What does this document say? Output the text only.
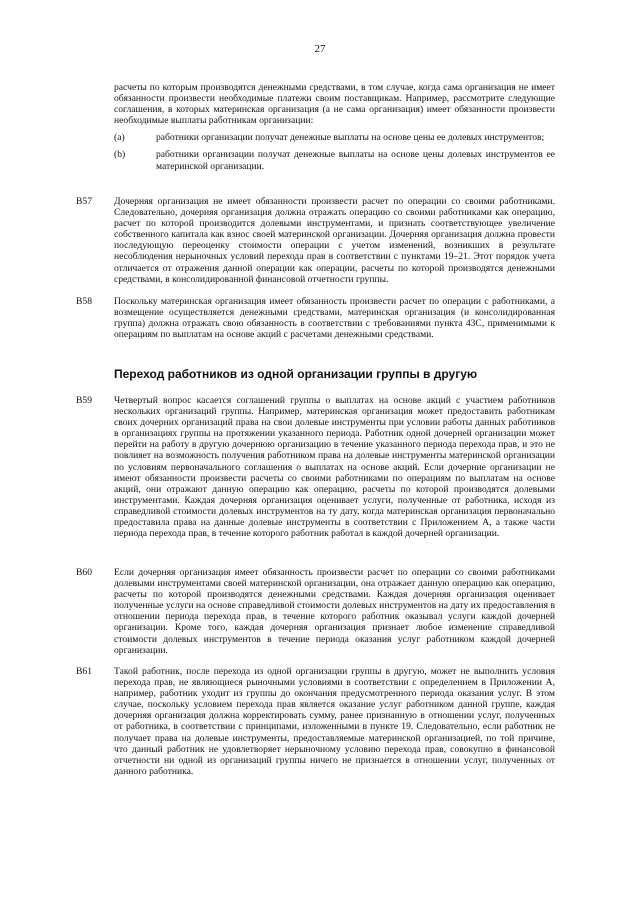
27

расчеты по которым производятся денежными средствами, в том случае, когда сама организация не имеет обязанности произвести необходимые платежи своим поставщикам. Например, рассмотрите следующие соглашения, в которых материнская организация (а не сама организация) имеет обязанности произвести необходимые выплаты работникам организации:

(a)	работники организации получат денежные выплаты на основе цены ее долевых инструментов;
(b)	работники организации получат денежные выплаты на основе цены долевых инструментов ее материнской организации.
B57	Дочерняя организация не имеет обязанности произвести расчет по операции со своими работниками. Следовательно, дочерняя организация должна отражать операцию со своими работниками как операцию, расчет по которой производится долевыми инструментами, и признать соответствующее увеличение собственного капитала как взнос своей материнской организации. Дочерняя организация должна провести последующую переоценку стоимости операции с учетом изменений, возникших в результате несоблюдения нерыночных условий перехода прав в соответствии с пунктами 19–21. Этот порядок учета отличается от отражения данной операции как операции, расчеты по которой производятся денежными средствами, в консолидированной финансовой отчетности группы.

B58	Поскольку материнская организация имеет обязанность произвести расчет по операции с работниками, а возмещение осуществляется денежными средствами, материнская организация (и консолидированная группа) должна отражать свою обязанность в соответствии с требованиями пункта 43C, применимыми к операциям по выплатам на основе акций с расчетами денежными средствами.

Переход работников из одной организации группы в другую
B59	Четвертый вопрос касается соглашений группы о выплатах на основе акций с участием работников нескольких организаций группы. Например, материнская организация может предоставить работникам своих дочерних организаций права на свои долевые инструменты при условии работы данных работников в организациях группы на протяжении указанного периода. Работник одной дочерней организации может перейти на работу в другую дочернюю организацию в течение указанного периода перехода прав, и это не повлияет на возможность получения работником права на долевые инструменты материнской организации по условиям первоначального соглашения о выплатах на основе акций. Если дочерние организации не имеют обязанности произвести расчеты со своими работниками по операциям по выплатам на основе акций, они отражают данную операцию как операцию, расчеты по которой производятся долевыми инструментами. Каждая дочерняя организация оценивает услуги, полученные от работника, исходя из справедливой стоимости долевых инструментов на ту дату, когда материнская организация первоначально предоставила права на данные долевые инструменты в соответствии с Приложением A, а также части периода перехода прав, в течение которого работник работал в каждой дочерней организации.

B60	Если дочерняя организация имеет обязанность произвести расчет по операции со своими работниками долевыми инструментами своей материнской организации, она отражает данную операцию как операцию, расчеты по которой производятся денежными средствами. Каждая дочерняя организация оценивает полученные услуги на основе справедливой стоимости долевых инструментов на дату их предоставления в отношении периода перехода прав, в течение которого работник оказывал услуги каждой дочерней организации. Кроме того, каждая дочерняя организация признает любое изменение справедливой стоимости долевых инструментов в течение периода оказания услуг работником каждой дочерней организации.

B61	Такой работник, после перехода из одной организации группы в другую, может не выполнить условия перехода прав, не являющиеся рыночными условиями в соответствии с определением в Приложении A, например, работник уходит из группы до окончания предусмотренного периода оказания услуг. В этом случае, поскольку условием перехода прав является оказание услуг работником данной группе, каждая дочерняя организация должна корректировать сумму, ранее признанную в отношении услуг, полученных от работника, в соответствии с принципами, изложенными в пункте 19. Следовательно, если работник не получает права на долевые инструменты, предоставляемые материнской организацией, по той причине, что данный работник не удовлетворяет нерыночному условию перехода прав, совокупно в финансовой отчетности ни одной из организаций группы ничего не признается в отношении услуг, полученных от данного работника.
